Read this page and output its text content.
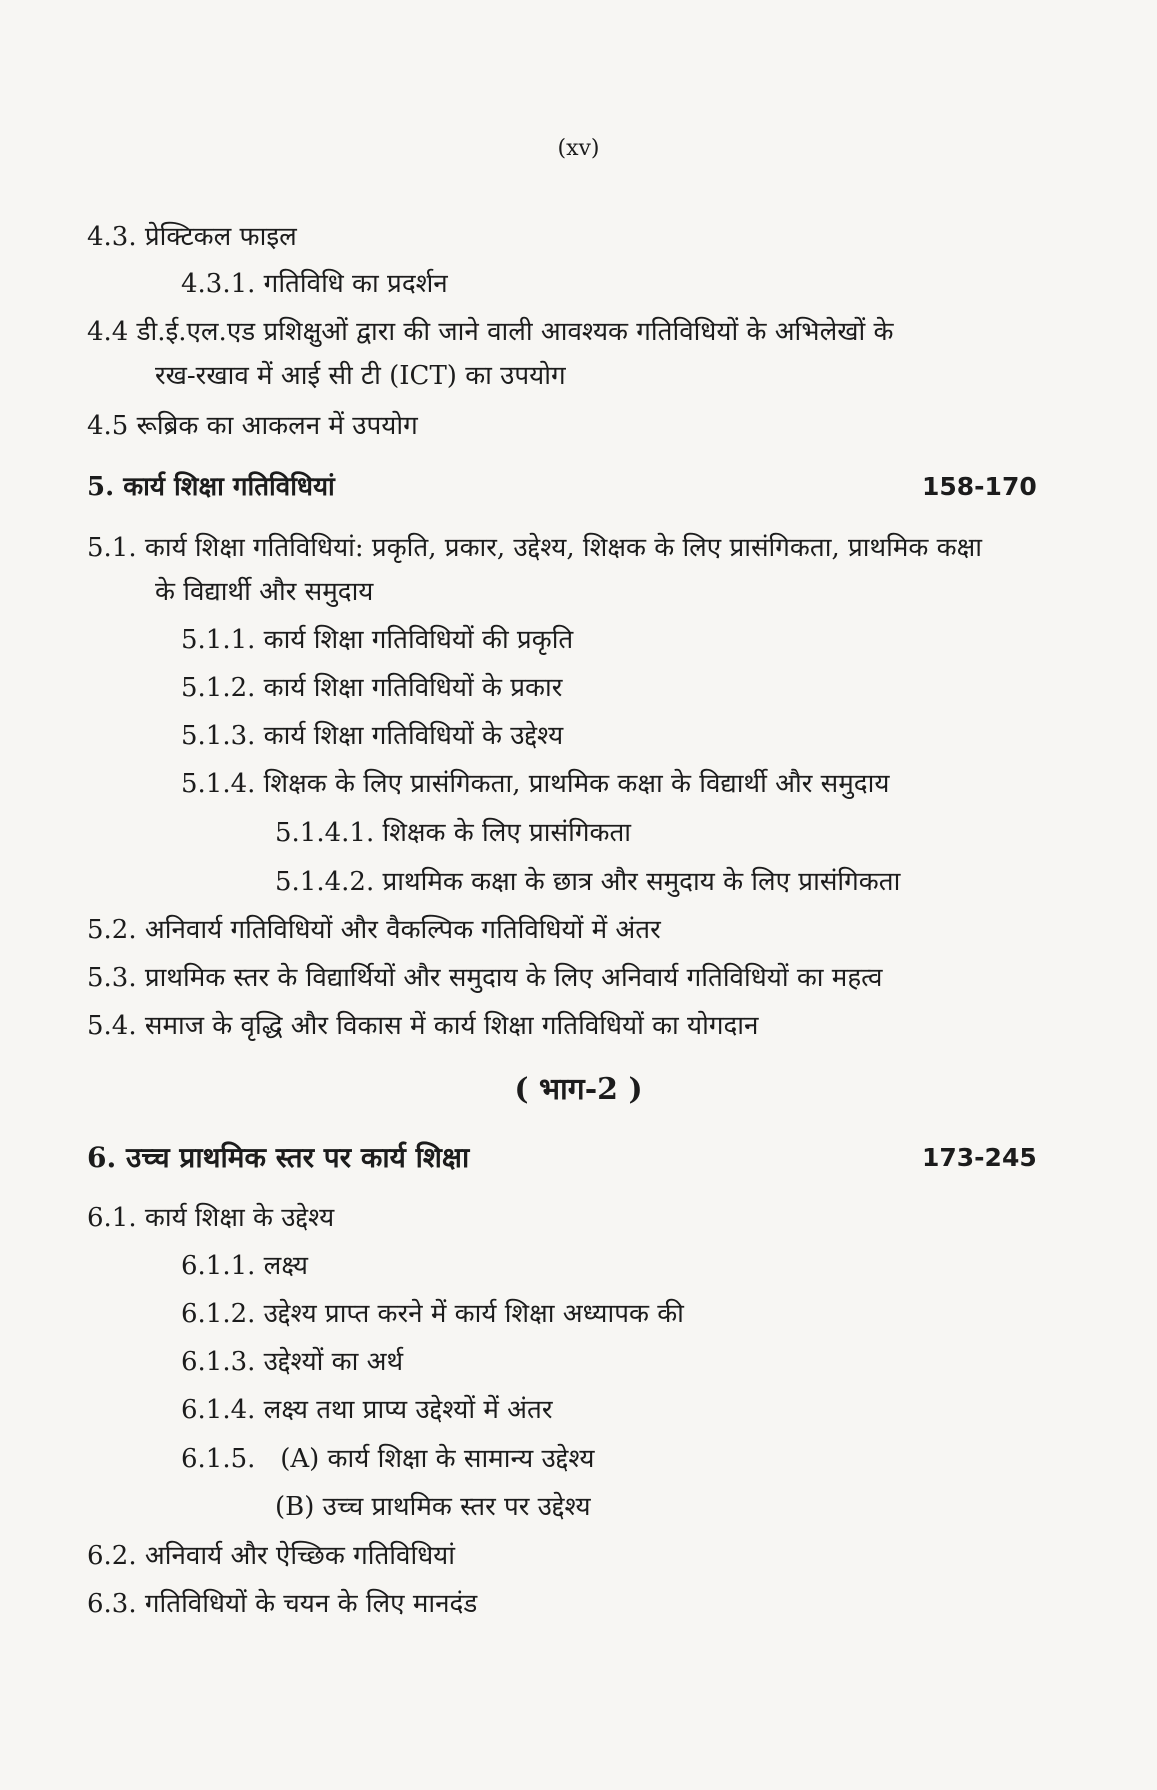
(xv)
4.3. प्रेक्टिकल फाइल
4.3.1. गतिविधि का प्रदर्शन
4.4 डी.ई.एल.एड प्रशिक्षुओं द्वारा की जाने वाली आवश्यक गतिविधियों के अभिलेखों के
रख-रखाव में आई सी टी (ICT) का उपयोग
4.5 रूब्रिक का आकलन में उपयोग
5. कार्य शिक्षा गतिविधियां	158-170
5.1. कार्य शिक्षा गतिविधियां: प्रकृति, प्रकार, उद्देश्य, शिक्षक के लिए प्रासंगिकता, प्राथमिक कक्षा
के विद्यार्थी और समुदाय
5.1.1. कार्य शिक्षा गतिविधियों की प्रकृति
5.1.2. कार्य शिक्षा गतिविधियों के प्रकार
5.1.3. कार्य शिक्षा गतिविधियों के उद्देश्य
5.1.4. शिक्षक के लिए प्रासंगिकता, प्राथमिक कक्षा के विद्यार्थी और समुदाय
5.1.4.1. शिक्षक के लिए प्रासंगिकता
5.1.4.2. प्राथमिक कक्षा के छात्र और समुदाय के लिए प्रासंगिकता
5.2. अनिवार्य गतिविधियों और वैकल्पिक गतिविधियों में अंतर
5.3. प्राथमिक स्तर के विद्यार्थियों और समुदाय के लिए अनिवार्य गतिविधियों का महत्व
5.4. समाज के वृद्धि और विकास में कार्य शिक्षा गतिविधियों का योगदान
( भाग-2 )
6. उच्च प्राथमिक स्तर पर कार्य शिक्षा	173-245
6.1. कार्य शिक्षा के उद्देश्य
6.1.1. लक्ष्य
6.1.2. उद्देश्य प्राप्त करने में कार्य शिक्षा अध्यापक की
6.1.3. उद्देश्यों का अर्थ
6.1.4. लक्ष्य तथा प्राप्य उद्देश्यों में अंतर
6.1.5.   (A) कार्य शिक्षा के सामान्य उद्देश्य
(B) उच्च प्राथमिक स्तर पर उद्देश्य
6.2. अनिवार्य और ऐच्छिक गतिविधियां
6.3. गतिविधियों के चयन के लिए मानदंड
